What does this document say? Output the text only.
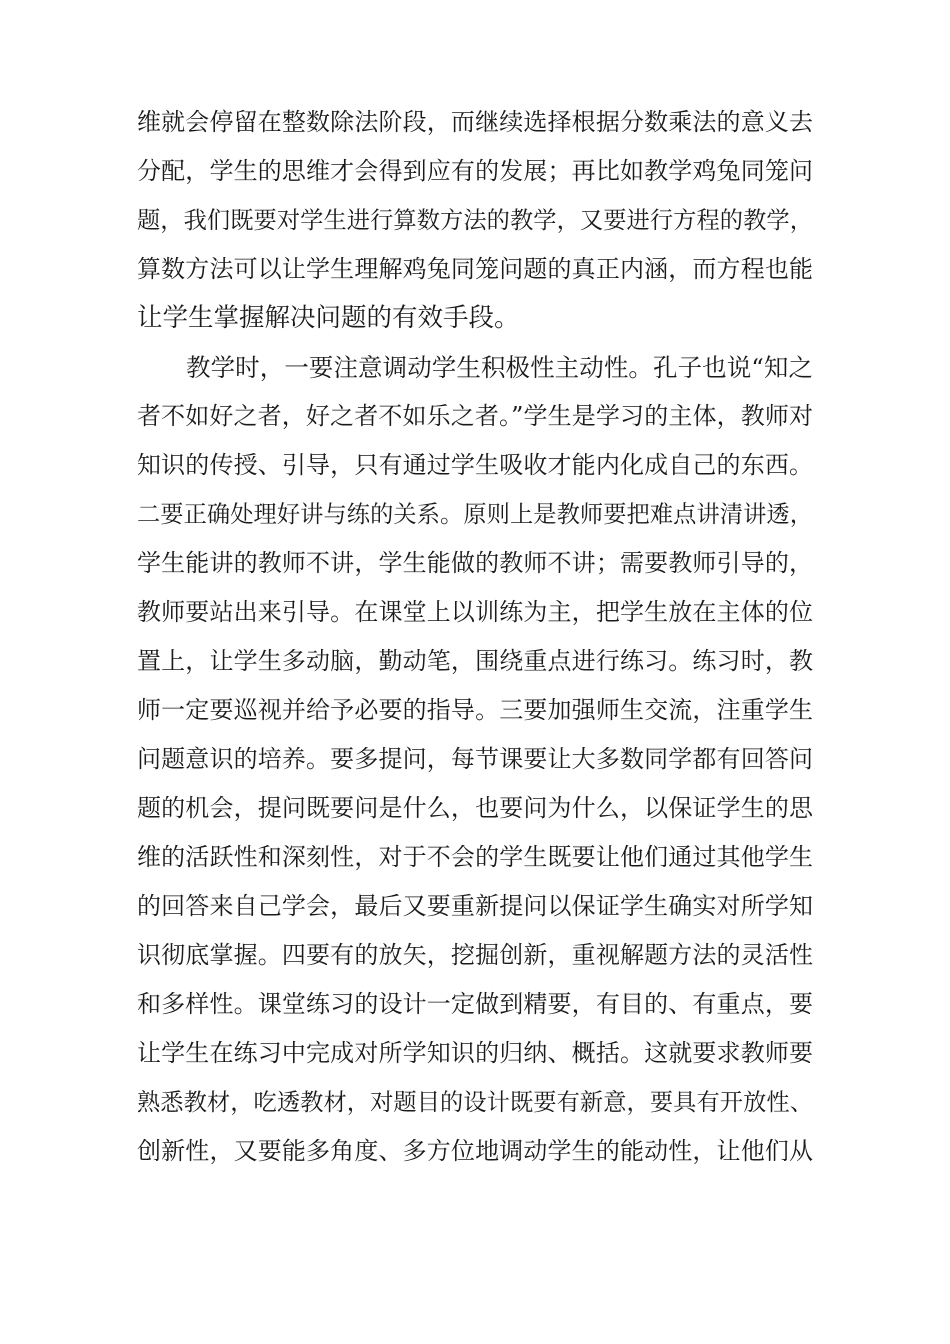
维就会停留在整数除法阶段，而继续选择根据分数乘法的意义去
分配，学生的思维才会得到应有的发展；再比如教学鸡兔同笼问
题，我们既要对学生进行算数方法的教学，又要进行方程的教学，
算数方法可以让学生理解鸡兔同笼问题的真正内涵，而方程也能
让学生掌握解决问题的有效手段。
教学时，一要注意调动学生积极性主动性。孔子也说“知之
者不如好之者，好之者不如乐之者。”学生是学习的主体，教师对
知识的传授、引导，只有通过学生吸收才能内化成自己的东西。
二要正确处理好讲与练的关系。原则上是教师要把难点讲清讲透，
学生能讲的教师不讲，学生能做的教师不讲；需要教师引导的，
教师要站出来引导。在课堂上以训练为主，把学生放在主体的位
置上，让学生多动脑，勤动笔，围绕重点进行练习。练习时，教
师一定要巡视并给予必要的指导。三要加强师生交流，注重学生
问题意识的培养。要多提问，每节课要让大多数同学都有回答问
题的机会，提问既要问是什么，也要问为什么，以保证学生的思
维的活跃性和深刻性，对于不会的学生既要让他们通过其他学生
的回答来自己学会，最后又要重新提问以保证学生确实对所学知
识彻底掌握。四要有的放矢，挖掘创新，重视解题方法的灵活性
和多样性。课堂练习的设计一定做到精要，有目的、有重点，要
让学生在练习中完成对所学知识的归纳、概括。这就要求教师要
熟悉教材，吃透教材，对题目的设计既要有新意，要具有开放性、
创新性，又要能多角度、多方位地调动学生的能动性，让他们从
